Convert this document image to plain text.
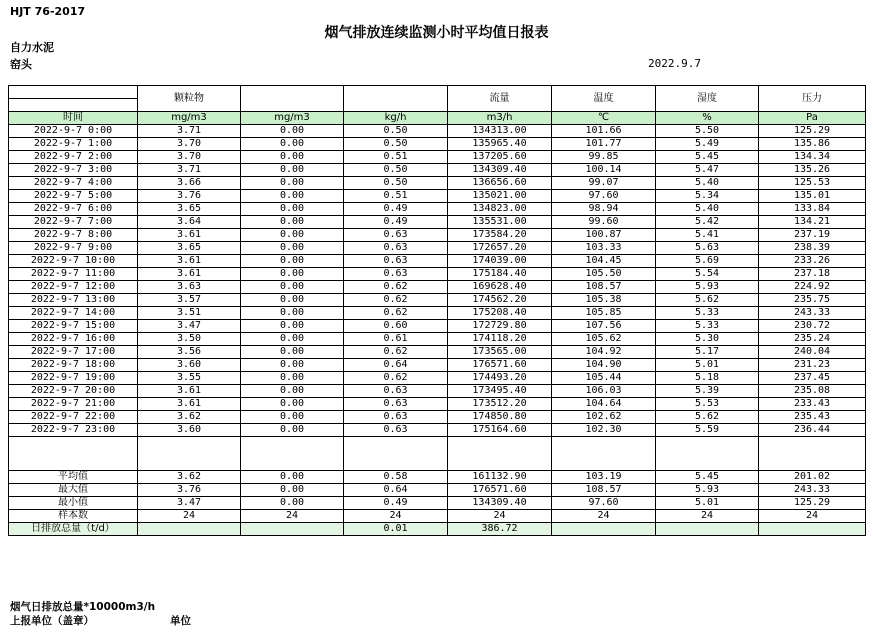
HJT 76-2017
烟气排放连续监测小时平均值日报表
自力水泥
窑头	2022.9.7
	颗粒物			流量	温度	湿度	压力

时间	mg/m3	mg/m3	kg/h	m3/h	℃	%	Pa
2022-9-7 0:00	3.71	0.00	0.50	134313.00	101.66	5.50	125.29
2022-9-7 1:00	3.70	0.00	0.50	135965.40	101.77	5.49	135.86
2022-9-7 2:00	3.70	0.00	0.51	137205.60	99.85	5.45	134.34
2022-9-7 3:00	3.71	0.00	0.50	134309.40	100.14	5.47	135.26
2022-9-7 4:00	3.66	0.00	0.50	136656.60	99.07	5.40	125.53
2022-9-7 5:00	3.76	0.00	0.51	135021.00	97.60	5.34	135.01
2022-9-7 6:00	3.65	0.00	0.49	134823.00	98.94	5.40	133.84
2022-9-7 7:00	3.64	0.00	0.49	135531.00	99.60	5.42	134.21
2022-9-7 8:00	3.61	0.00	0.63	173584.20	100.87	5.41	237.19
2022-9-7 9:00	3.65	0.00	0.63	172657.20	103.33	5.63	238.39
2022-9-7 10:00	3.61	0.00	0.63	174039.00	104.45	5.69	233.26
2022-9-7 11:00	3.61	0.00	0.63	175184.40	105.50	5.54	237.18
2022-9-7 12:00	3.63	0.00	0.62	169628.40	108.57	5.93	224.92
2022-9-7 13:00	3.57	0.00	0.62	174562.20	105.38	5.62	235.75
2022-9-7 14:00	3.51	0.00	0.62	175208.40	105.85	5.33	243.33
2022-9-7 15:00	3.47	0.00	0.60	172729.80	107.56	5.33	230.72
2022-9-7 16:00	3.50	0.00	0.61	174118.20	105.62	5.30	235.24
2022-9-7 17:00	3.56	0.00	0.62	173565.00	104.92	5.17	240.04
2022-9-7 18:00	3.60	0.00	0.64	176571.60	104.90	5.01	231.23
2022-9-7 19:00	3.55	0.00	0.62	174493.20	105.44	5.18	237.45
2022-9-7 20:00	3.61	0.00	0.63	173495.40	106.03	5.39	235.08
2022-9-7 21:00	3.61	0.00	0.63	173512.20	104.64	5.53	233.43
2022-9-7 22:00	3.62	0.00	0.63	174850.80	102.62	5.62	235.43
2022-9-7 23:00	3.60	0.00	0.63	175164.60	102.30	5.59	236.44

平均值	3.62	0.00	0.58	161132.90	103.19	5.45	201.02
最大值	3.76	0.00	0.64	176571.60	108.57	5.93	243.33
最小值	3.47	0.00	0.49	134309.40	97.60	5.01	125.29
样本数	24	24	24	24	24	24	24
日排放总量（t/d）			0.01	386.72			
烟气日排放总量*10000m3/h
上报单位（盖章）	单位
